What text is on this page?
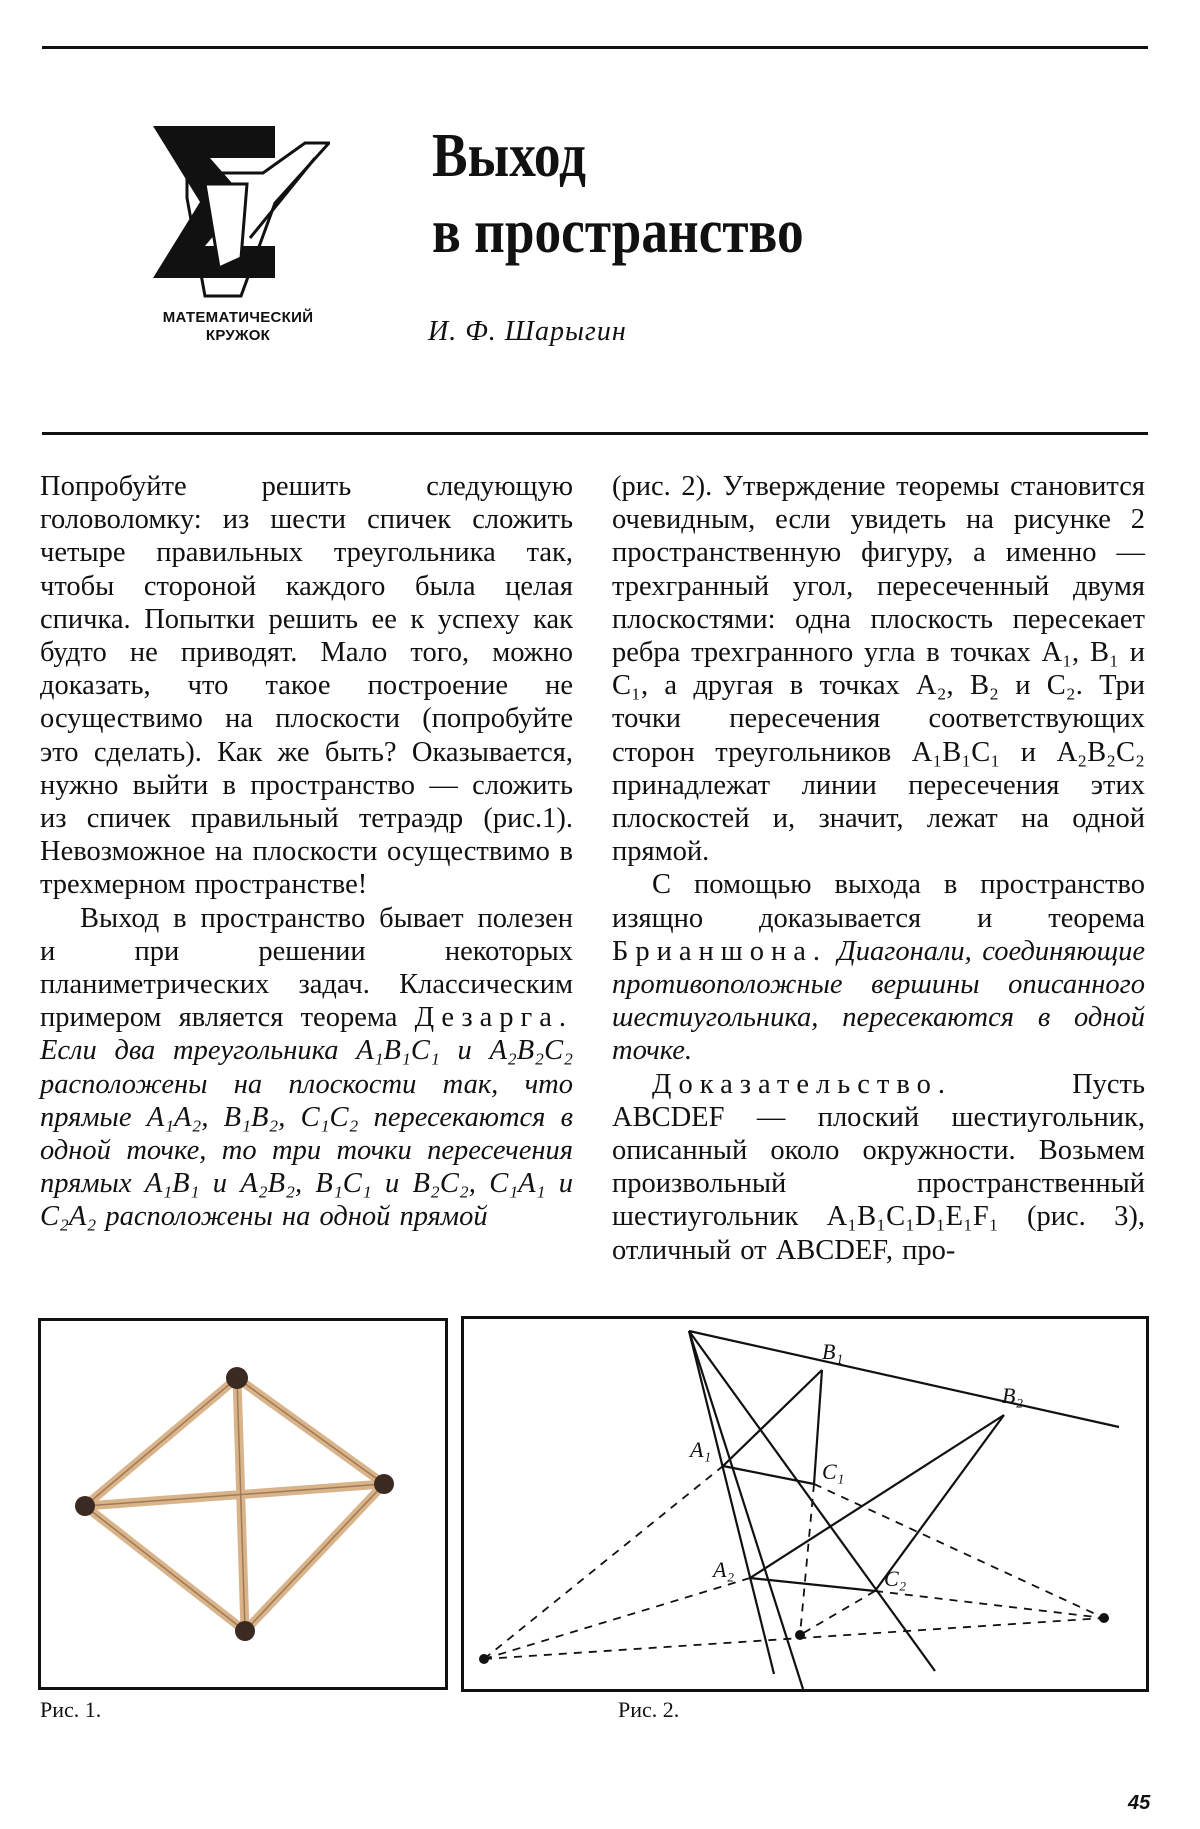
МАТЕМАТИЧЕСКИЙ
КРУЖОК
Выход
в пространство
И. Ф. Шарыгин

Попробуйте решить следующую головоломку: из шести спичек сложить четыре правильных треугольника так, чтобы стороной каждого была целая спичка. Попытки решить ее к успеху как будто не приводят. Мало того, можно доказать, что такое построение не осуществимо на плоскости (попробуйте это сделать). Как же быть? Оказывается, нужно выйти в пространство — сложить из спичек правильный тетраэдр (рис.1). Невозможное на плоскости осуществимо в трехмерном пространстве!

Выход в пространство бывает полезен и при решении некоторых планиметрических задач. Классическим примером является теорема Дезарга. Если два треугольника A₁B₁C₁ и A₂B₂C₂ расположены на плоскости так, что прямые A₁A₂, B₁B₂, C₁C₂ пересекаются в одной точке, то три точки пересечения прямых A₁B₁ и A₂B₂, B₁C₁ и B₂C₂, C₁A₁ и C₂A₂ расположены на одной прямой

(рис. 2). Утверждение теоремы становится очевидным, если увидеть на рисунке 2 пространственную фигуру, а именно — трехгранный угол, пересеченный двумя плоскостями: одна плоскость пересекает ребра трехгранного угла в точках A₁, B₁ и C₁, а другая в точках A₂, B₂ и C₂. Три точки пересечения соответствующих сторон треугольников A₁B₁C₁ и A₂B₂C₂ принадлежат линии пересечения этих плоскостей и, значит, лежат на одной прямой.

С помощью выхода в пространство изящно доказывается и теорема Брианшона. Диагонали, соединяющие противоположные вершины описанного шестиугольника, пересекаются в одной точке.

Доказательство.	Пусть ABCDEF — плоский шестиугольник, описанный около окружности. Возьмем произвольный пространственный шестиугольник A₁B₁C₁D₁E₁F₁ (рис. 3), отличный от ABCDEF, про-

Рис. 1.
B₁
B₂
A₁
C₁
A₂	C₂
Рис. 2.
45
